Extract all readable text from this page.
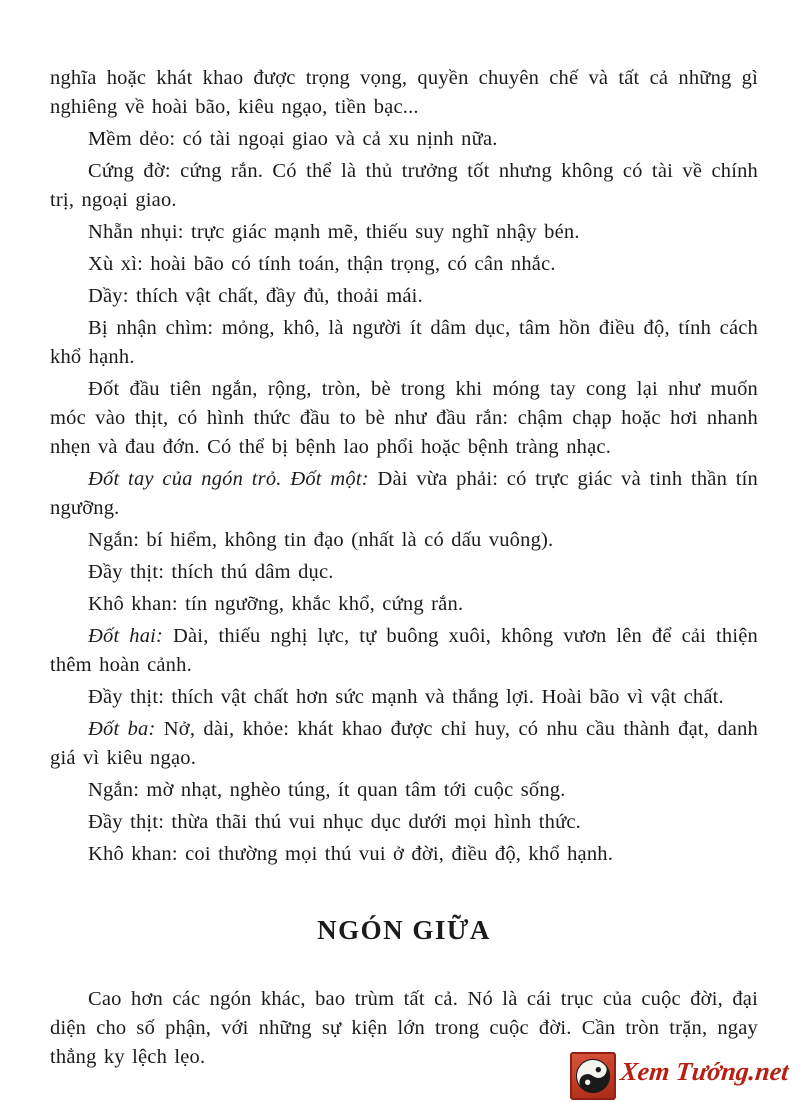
nghĩa hoặc khát khao được trọng vọng, quyền chuyên chế và tất cả những gì nghiêng về hoài bão, kiêu ngạo, tiền bạc...

Mềm dẻo: có tài ngoại giao và cả xu nịnh nữa.

Cứng đờ: cứng rắn. Có thể là thủ trưởng tốt nhưng không có tài về chính trị, ngoại giao.

Nhẵn nhụi: trực giác mạnh mẽ, thiếu suy nghĩ nhậy bén.

Xù xì: hoài bão có tính toán, thận trọng, có cân nhắc.

Dầy: thích vật chất, đầy đủ, thoải mái.

Bị nhận chìm: mỏng, khô, là người ít dâm dục, tâm hồn điều độ, tính cách khổ hạnh.

Đốt đầu tiên ngắn, rộng, tròn, bè trong khi móng tay cong lại như muốn móc vào thịt, có hình thức đầu to bè như đầu rắn: chậm chạp hoặc hơi nhanh nhẹn và đau đớn. Có thể bị bệnh lao phổi hoặc bệnh tràng nhạc.

Đốt tay của ngón trỏ. Đốt một: Dài vừa phải: có trực giác và tinh thần tín ngưỡng.

Ngắn: bí hiểm, không tin đạo (nhất là có dấu vuông).

Đầy thịt: thích thú dâm dục.

Khô khan: tín ngưỡng, khắc khổ, cứng rắn.

Đốt hai: Dài, thiếu nghị lực, tự buông xuôi, không vươn lên để cải thiện thêm hoàn cảnh.

Đầy thịt: thích vật chất hơn sức mạnh và thắng lợi. Hoài bão vì vật chất.

Đốt ba: Nở, dài, khỏe: khát khao được chỉ huy, có nhu cầu thành đạt, danh giá vì kiêu ngạo.

Ngắn: mờ nhạt, nghèo túng, ít quan tâm tới cuộc sống.

Đầy thịt: thừa thãi thú vui nhục dục dưới mọi hình thức.

Khô khan: coi thường mọi thú vui ở đời, điều độ, khổ hạnh.

NGÓN GIỮA

Cao hơn các ngón khác, bao trùm tất cả. Nó là cái trục của cuộc đời, đại diện cho số phận, với những sự kiện lớn trong cuộc đời. Cần tròn trặn, ngay thẳng ky lệch lẹo.	Xem Tướng.net
